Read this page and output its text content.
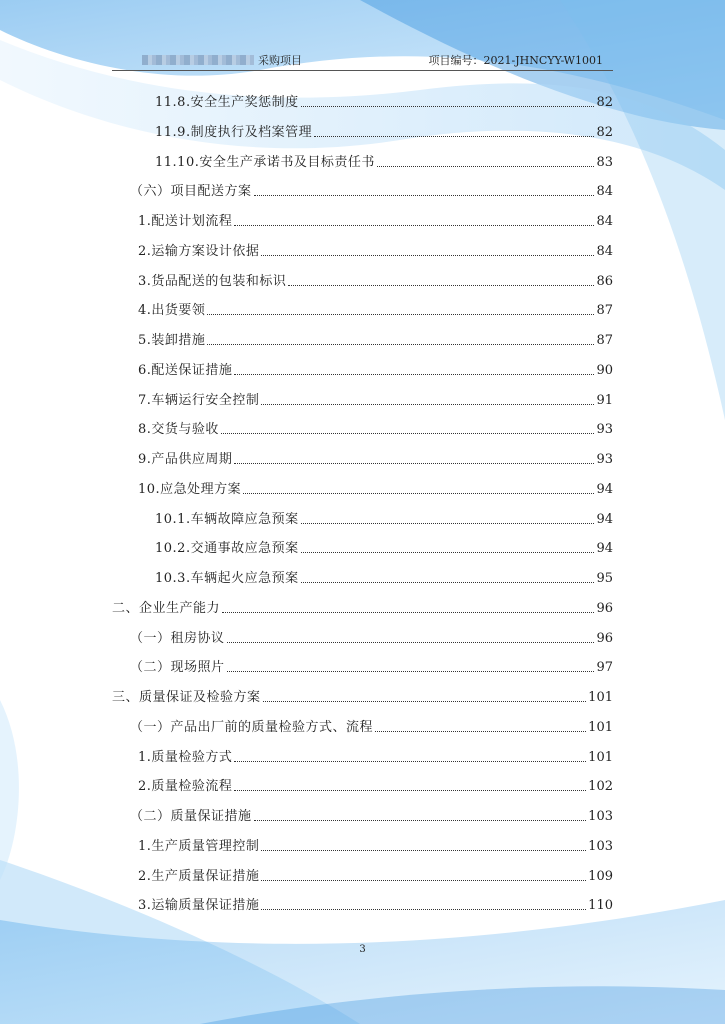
采购项目	项目编号：2021-JHNCYY-W1001
11.8.安全生产奖惩制度	82
11.9.制度执行及档案管理	82
11.10.安全生产承诺书及目标责任书	83
（六）项目配送方案	84
1.配送计划流程	84
2.运输方案设计依据	84
3.货品配送的包装和标识	86
4.出货要领	87
5.装卸措施	87
6.配送保证措施	90
7.车辆运行安全控制	91
8.交货与验收	93
9.产品供应周期	93
10.应急处理方案	94
10.1.车辆故障应急预案	94
10.2.交通事故应急预案	94
10.3.车辆起火应急预案	95
二、企业生产能力	96
（一）租房协议	96
（二）现场照片	97
三、质量保证及检验方案	101
（一）产品出厂前的质量检验方式、流程	101
1.质量检验方式	101
2.质量检验流程	102
（二）质量保证措施	103
1.生产质量管理控制	103
2.生产质量保证措施	109
3.运输质量保证措施	110
3
